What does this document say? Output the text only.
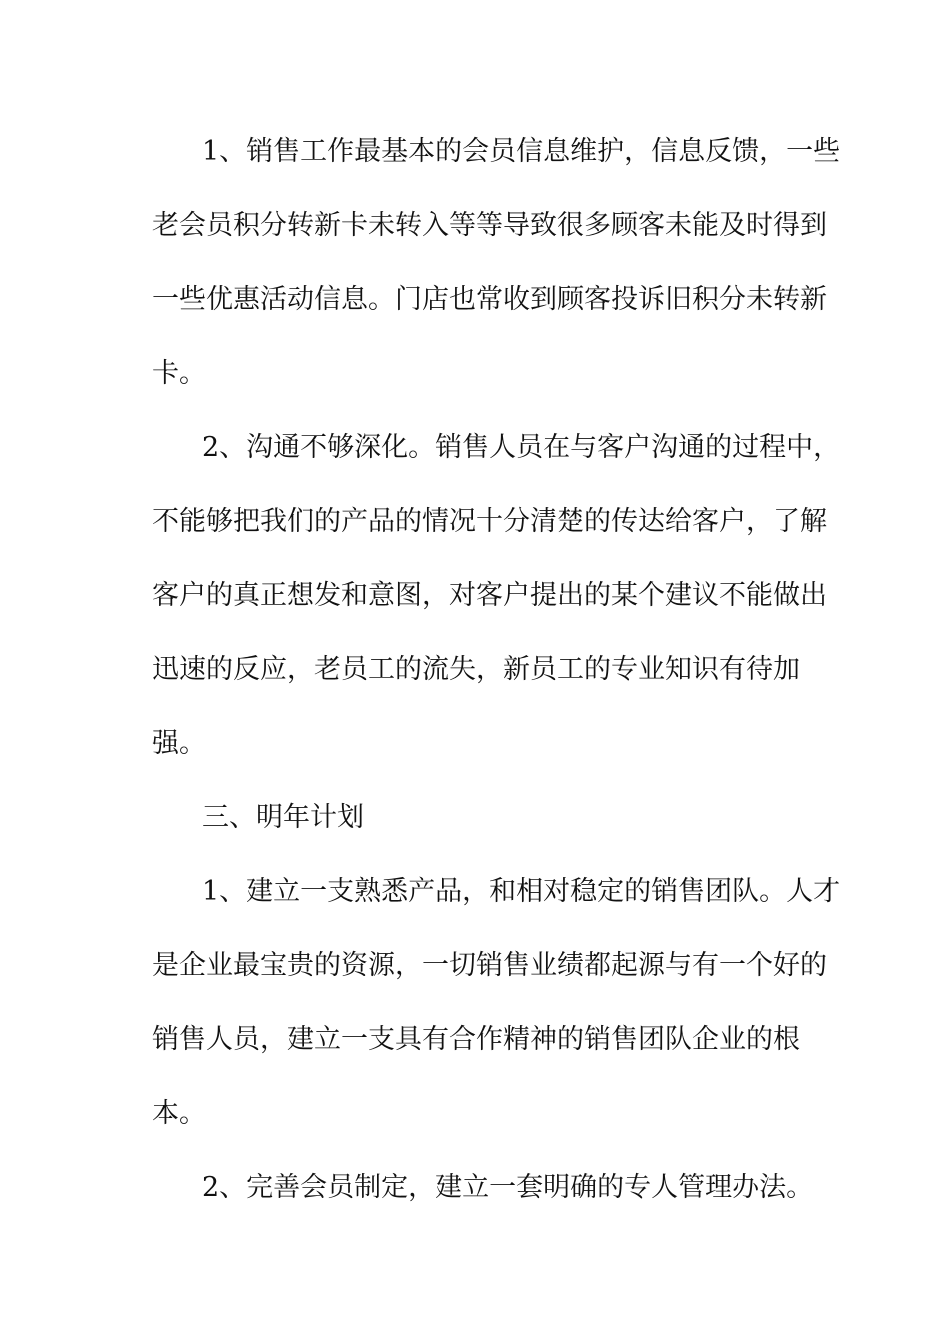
1、销售工作最基本的会员信息维护，信息反馈，一些
老会员积分转新卡未转入等等导致很多顾客未能及时得到
一些优惠活动信息。门店也常收到顾客投诉旧积分未转新
卡。
2、沟通不够深化。销售人员在与客户沟通的过程中，
不能够把我们的产品的情况十分清楚的传达给客户，了解
客户的真正想发和意图，对客户提出的某个建议不能做出
迅速的反应，老员工的流失，新员工的专业知识有待加
强。
三、明年计划
1、建立一支熟悉产品，和相对稳定的销售团队。人才
是企业最宝贵的资源，一切销售业绩都起源与有一个好的
销售人员，建立一支具有合作精神的销售团队企业的根
本。
2、完善会员制定，建立一套明确的专人管理办法。
